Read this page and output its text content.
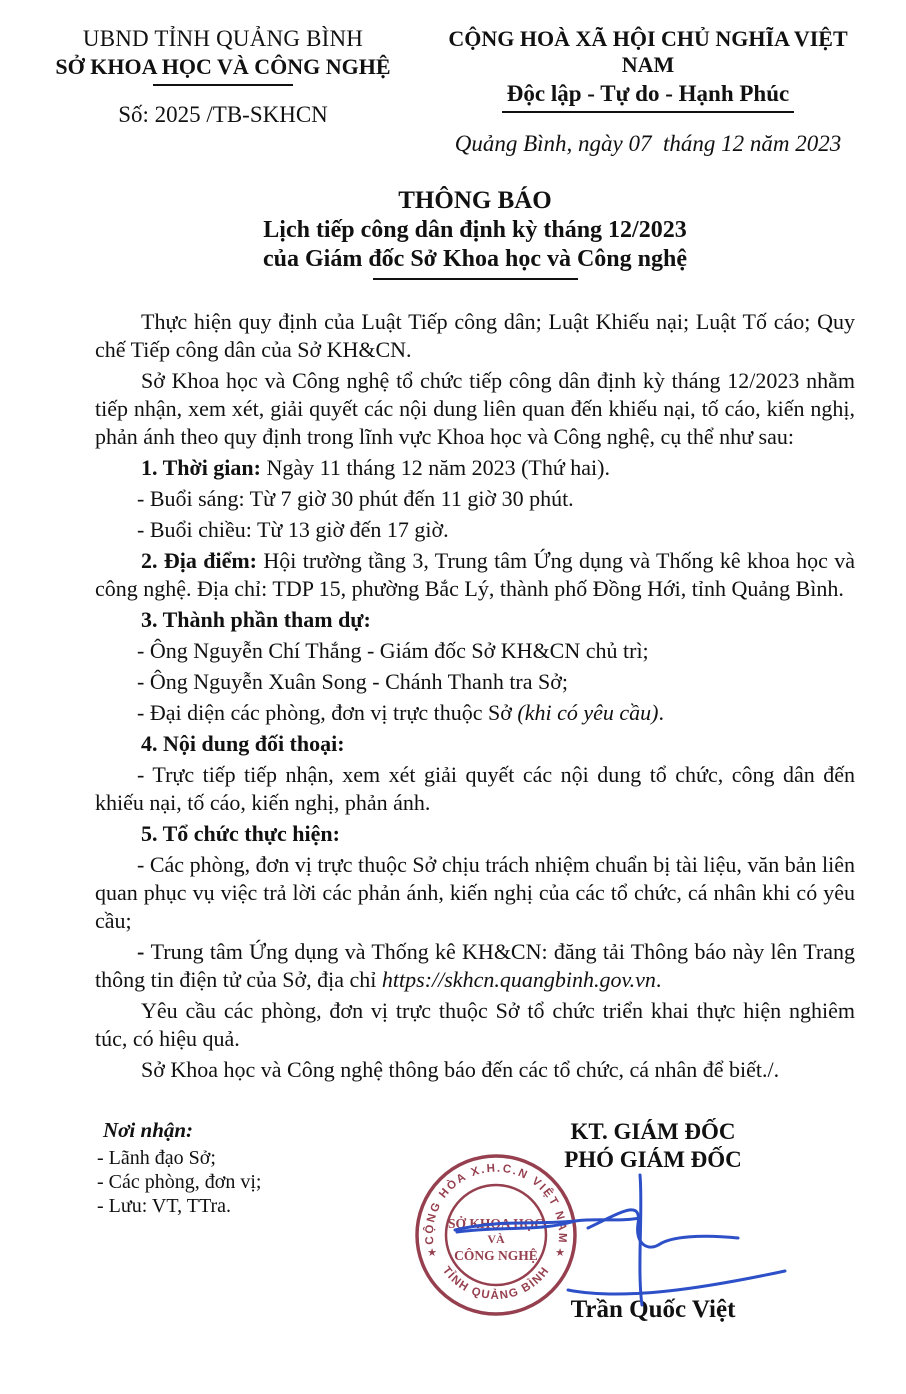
UBND TỈNH QUẢNG BÌNH
SỞ KHOA HỌC VÀ CÔNG NGHỆ
Số: 2025 /TB-SKHCN
CỘNG HOÀ XÃ HỘI CHỦ NGHĨA VIỆT NAM
Độc lập - Tự do - Hạnh Phúc
Quảng Bình, ngày 07  tháng 12 năm 2023
THÔNG BÁO
Lịch tiếp công dân định kỳ tháng 12/2023
của Giám đốc Sở Khoa học và Công nghệ

Thực hiện quy định của Luật Tiếp công dân; Luật Khiếu nại; Luật Tố cáo; Quy chế Tiếp công dân của Sở KH&CN.

Sở Khoa học và Công nghệ tổ chức tiếp công dân định kỳ tháng 12/2023 nhằm tiếp nhận, xem xét, giải quyết các nội dung liên quan đến khiếu nại, tố cáo, kiến nghị, phản ánh theo quy định trong lĩnh vực Khoa học và Công nghệ, cụ thể như sau:

1. Thời gian: Ngày 11 tháng 12 năm 2023 (Thứ hai).

- Buổi sáng: Từ 7 giờ 30 phút đến 11 giờ 30 phút.

- Buổi chiều: Từ 13 giờ đến 17 giờ.

2. Địa điểm: Hội trường tầng 3, Trung tâm Ứng dụng và Thống kê khoa học và công nghệ. Địa chỉ: TDP 15, phường Bắc Lý, thành phố Đồng Hới, tỉnh Quảng Bình.

3. Thành phần tham dự:

- Ông Nguyễn Chí Thắng - Giám đốc Sở KH&CN chủ trì;

- Ông Nguyễn Xuân Song - Chánh Thanh tra Sở;

- Đại diện các phòng, đơn vị trực thuộc Sở (khi có yêu cầu).

4. Nội dung đối thoại:

- Trực tiếp tiếp nhận, xem xét giải quyết các nội dung tổ chức, công dân đến khiếu nại, tố cáo, kiến nghị, phản ánh.

5. Tổ chức thực hiện:

- Các phòng, đơn vị trực thuộc Sở chịu trách nhiệm chuẩn bị tài liệu, văn bản liên quan phục vụ việc trả lời các phản ánh, kiến nghị của các tổ chức, cá nhân khi có yêu cầu;

- Trung tâm Ứng dụng và Thống kê KH&CN: đăng tải Thông báo này lên Trang thông tin điện tử của Sở, địa chỉ https://skhcn.quangbinh.gov.vn.

Yêu cầu các phòng, đơn vị trực thuộc Sở tổ chức triển khai thực hiện nghiêm túc, có hiệu quả.

Sở Khoa học và Công nghệ thông báo đến các tổ chức, cá nhân để biết./.

Nơi nhận:
- Lãnh đạo Sở;
- Các phòng, đơn vị;
- Lưu: VT, TTra.
KT. GIÁM ĐỐC
PHÓ GIÁM ĐỐC
Trần Quốc Việt
CỘNG HÒA X.H.C.N VIỆT NAM
TỈNH QUẢNG BÌNH
★	★
SỞ KHOA HỌC
VÀ
CÔNG NGHỆ
